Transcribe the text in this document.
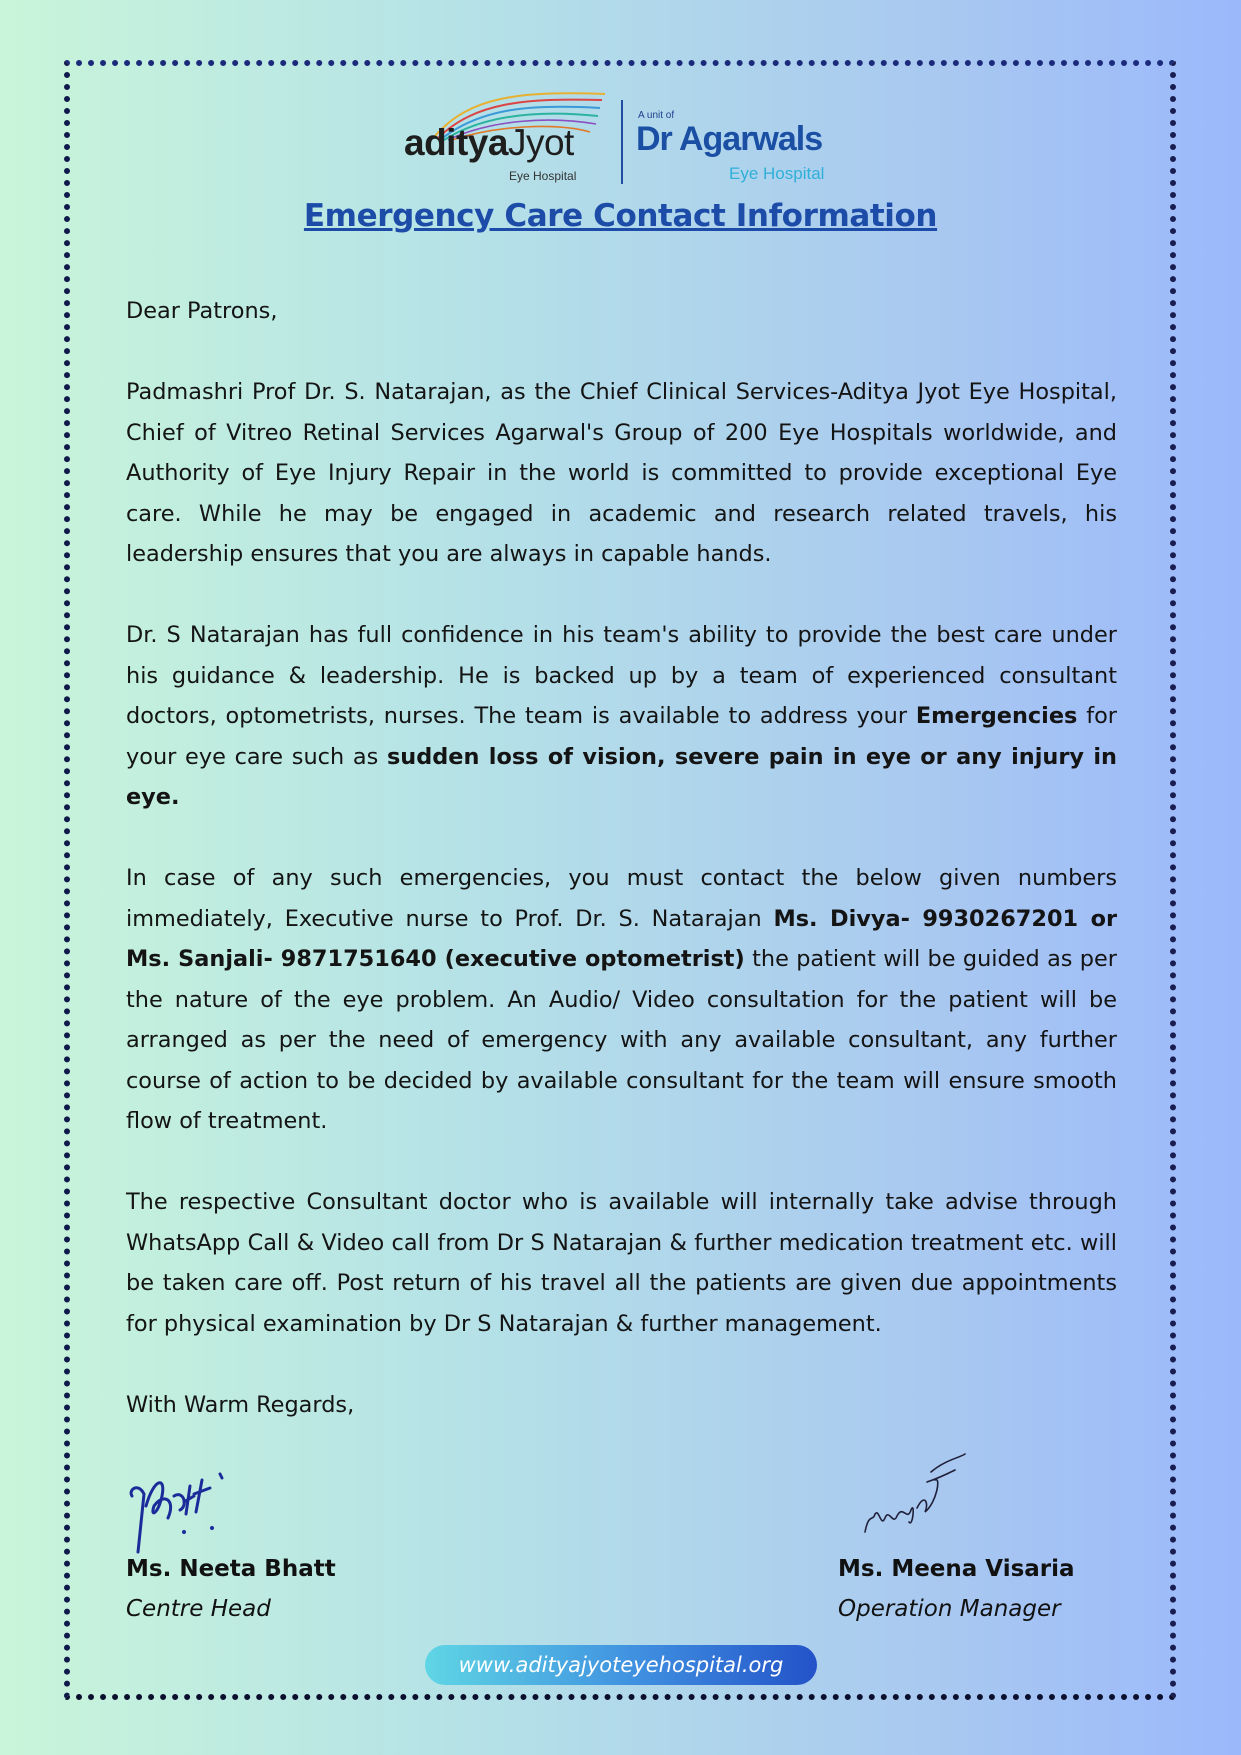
adityaJyot
Eye Hospital
A unit of
Dr Agarwals
Eye Hospital
Emergency Care Contact Information

Dear Patrons,

Padmashri Prof Dr. S. Natarajan, as the Chief Clinical Services-Aditya Jyot Eye Hospital, Chief of Vitreo Retinal Services Agarwal's Group of 200 Eye Hospitals worldwide, and Authority of Eye Injury Repair in the world is committed to provide exceptional Eye care. While he may be engaged in academic and research related travels, his leadership ensures that you are always in capable hands.

Dr. S Natarajan has full confidence in his team's ability to provide the best care under his guidance & leadership. He is backed up by a team of experienced consultant doctors, optometrists, nurses. The team is available to address your Emergencies for your eye care such as sudden loss of vision, severe pain in eye or any injury in eye.

In case of any such emergencies, you must contact the below given numbers immediately, Executive nurse to Prof. Dr. S. Natarajan Ms. Divya- 9930267201 or Ms. Sanjali- 9871751640 (executive optometrist) the patient will be guided as per the nature of the eye problem. An Audio/ Video consultation for the patient will be arranged as per the need of emergency with any available consultant, any further course of action to be decided by available consultant for the team will ensure smooth flow of treatment.

The respective Consultant doctor who is available will internally take advise through WhatsApp Call & Video call from Dr S Natarajan & further medication treatment etc. will be taken care off. Post return of his travel all the patients are given due appointments for physical examination by Dr S Natarajan & further management.

With Warm Regards,

Ms. Neeta Bhatt
Centre Head
Ms. Meena Visaria
Operation Manager
www.adityajyoteyehospital.org
